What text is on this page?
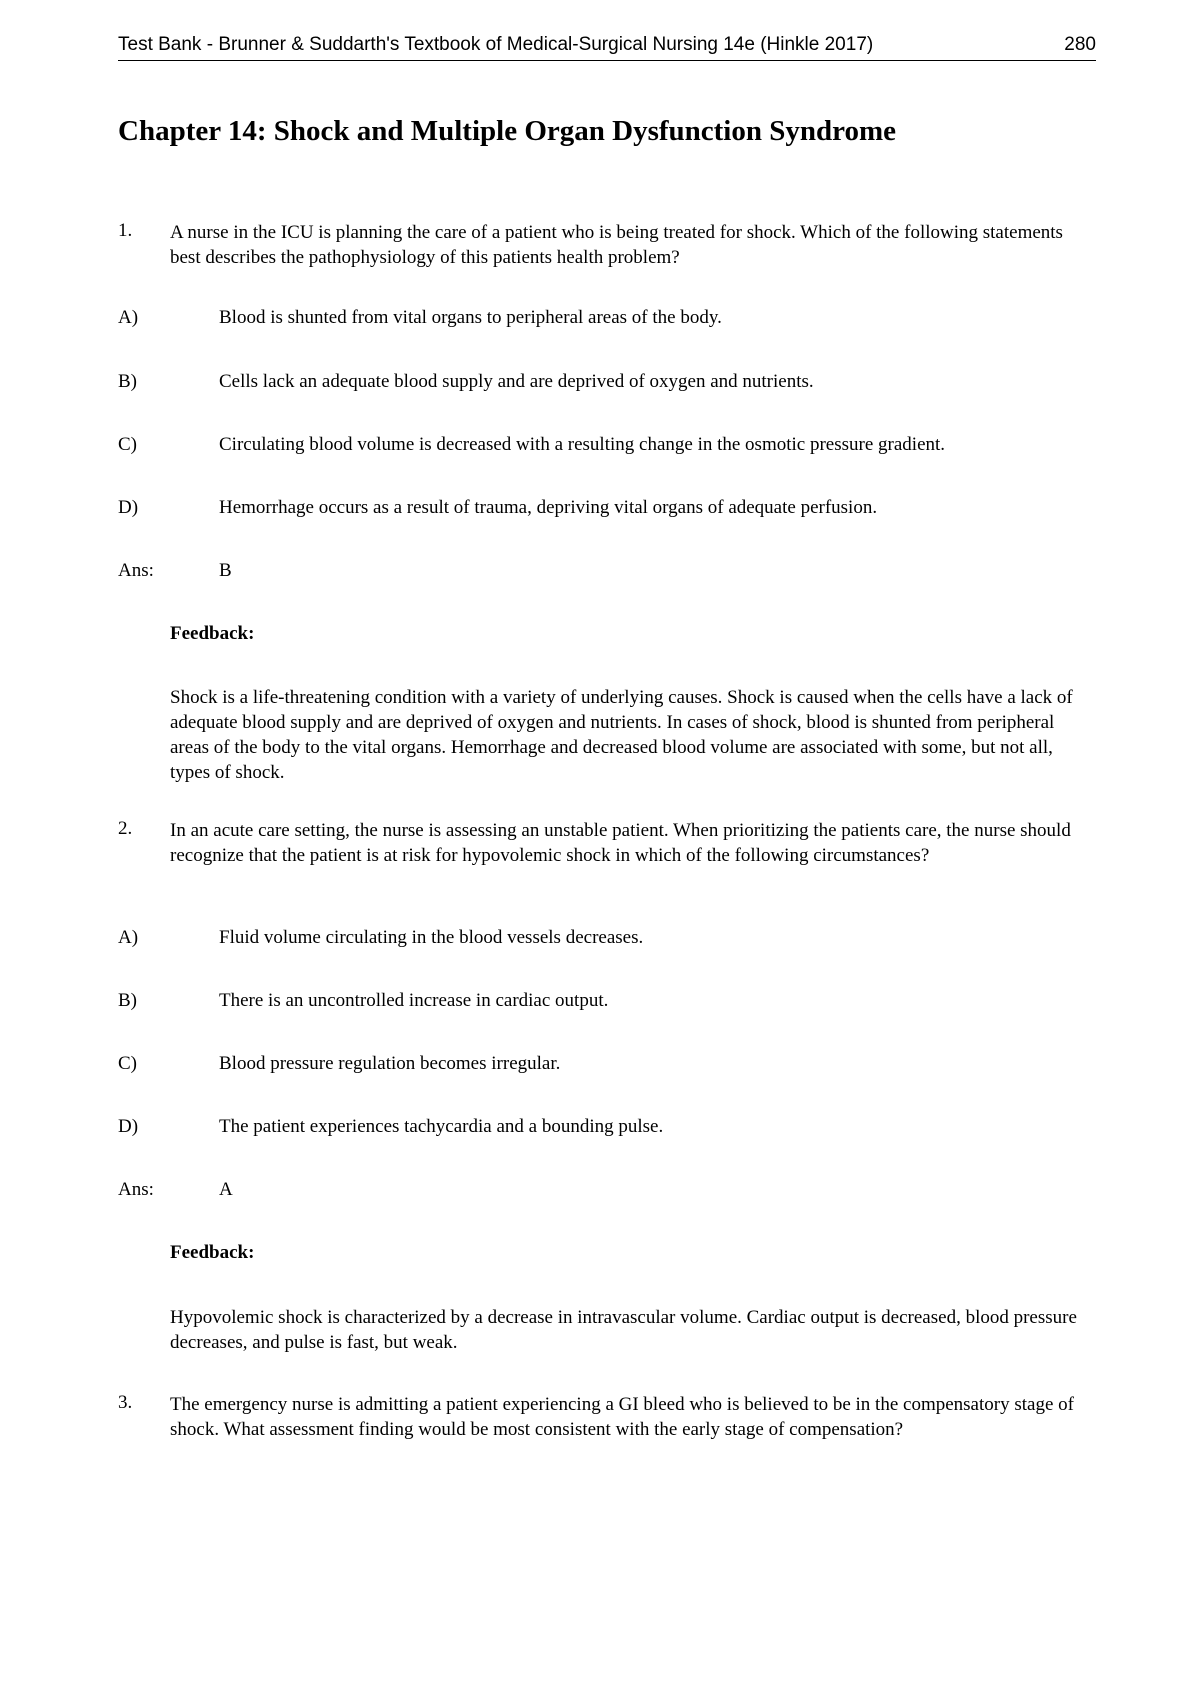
Test Bank - Brunner & Suddarth's Textbook of Medical-Surgical Nursing 14e (Hinkle 2017)	280
Chapter 14: Shock and Multiple Organ Dysfunction Syndrome
1. A nurse in the ICU is planning the care of a patient who is being treated for shock. Which of the following statements best describes the pathophysiology of this patients health problem?
A)	Blood is shunted from vital organs to peripheral areas of the body.
B)	Cells lack an adequate blood supply and are deprived of oxygen and nutrients.
C)	Circulating blood volume is decreased with a resulting change in the osmotic pressure gradient.
D)	Hemorrhage occurs as a result of trauma, depriving vital organs of adequate perfusion.
Ans:	B
Feedback:
Shock is a life-threatening condition with a variety of underlying causes. Shock is caused when the cells have a lack of adequate blood supply and are deprived of oxygen and nutrients. In cases of shock, blood is shunted from peripheral areas of the body to the vital organs. Hemorrhage and decreased blood volume are associated with some, but not all, types of shock.
2. In an acute care setting, the nurse is assessing an unstable patient. When prioritizing the patients care, the nurse should recognize that the patient is at risk for hypovolemic shock in which of the following circumstances?
A)	Fluid volume circulating in the blood vessels decreases.
B)	There is an uncontrolled increase in cardiac output.
C)	Blood pressure regulation becomes irregular.
D)	The patient experiences tachycardia and a bounding pulse.
Ans:	A
Feedback:
Hypovolemic shock is characterized by a decrease in intravascular volume. Cardiac output is decreased, blood pressure decreases, and pulse is fast, but weak.
3. The emergency nurse is admitting a patient experiencing a GI bleed who is believed to be in the compensatory stage of shock. What assessment finding would be most consistent with the early stage of compensation?
